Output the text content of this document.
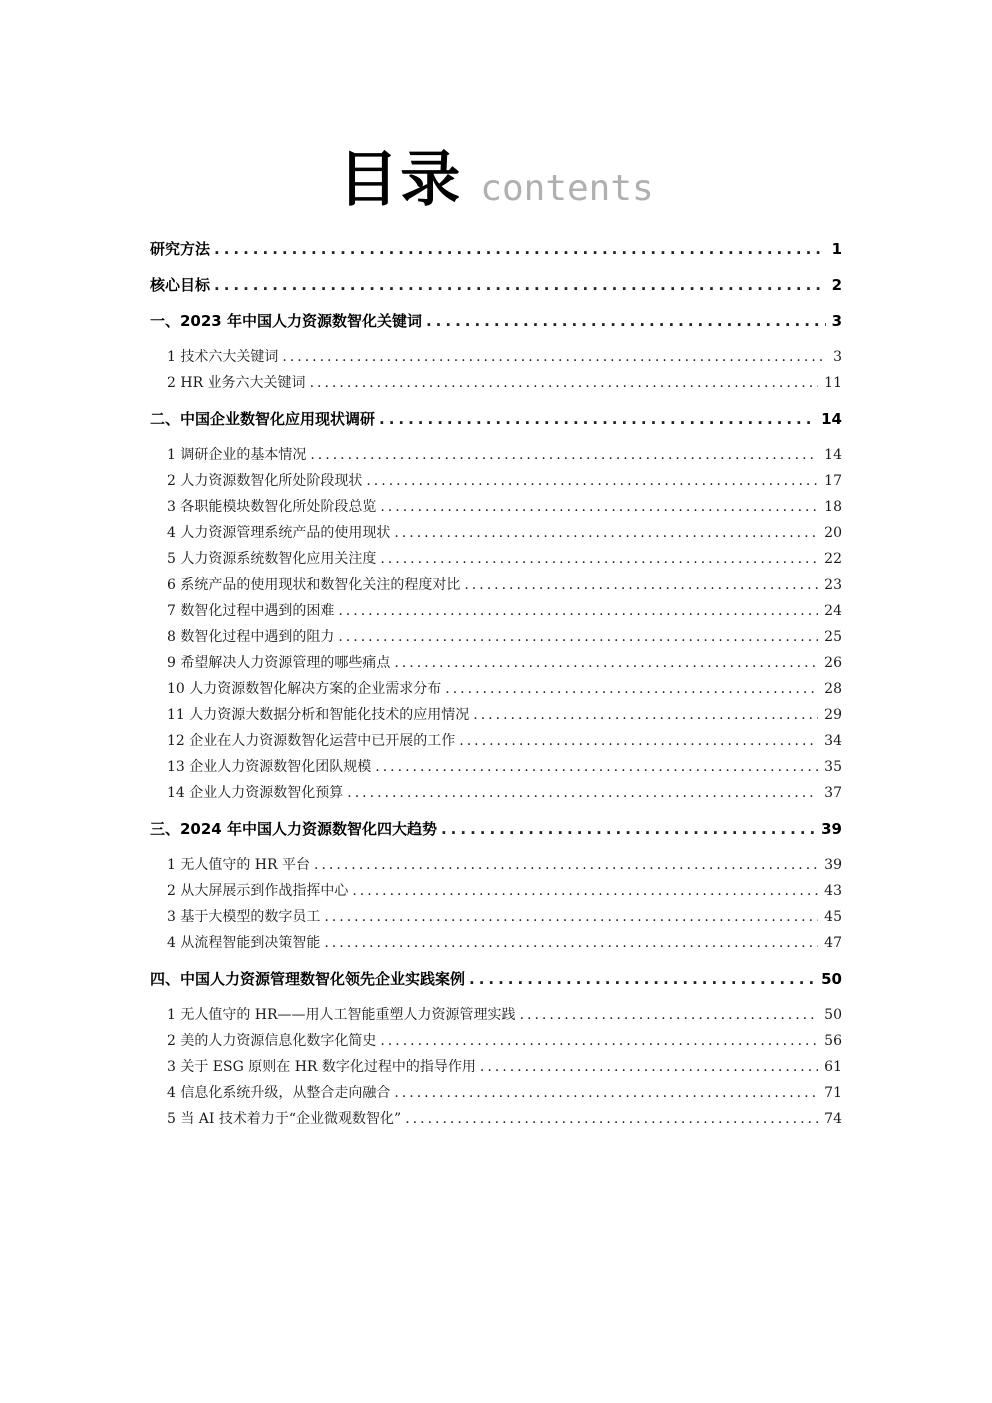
目录 contents
研究方法 .....	1
核心目标 .....	2
一、2023 年中国人力资源数智化关键词 .....	3
1 技术六大关键词 .....	3
2 HR 业务六大关键词 .....	11
二、中国企业数智化应用现状调研 .....	14
1 调研企业的基本情况 .....	14
2 人力资源数智化所处阶段现状 .....	17
3 各职能模块数智化所处阶段总览 .....	18
4 人力资源管理系统产品的使用现状 .....	20
5 人力资源系统数智化应用关注度 .....	22
6 系统产品的使用现状和数智化关注的程度对比 .....	23
7 数智化过程中遇到的困难 .....	24
8 数智化过程中遇到的阻力 .....	25
9 希望解决人力资源管理的哪些痛点 .....	26
10 人力资源数智化解决方案的企业需求分布 .....	28
11 人力资源大数据分析和智能化技术的应用情况 .....	29
12 企业在人力资源数智化运营中已开展的工作 .....	34
13 企业人力资源数智化团队规模 .....	35
14 企业人力资源数智化预算 .....	37
三、2024 年中国人力资源数智化四大趋势 .....	39
1 无人值守的 HR 平台 .....	39
2 从大屏展示到作战指挥中心 .....	43
3 基于大模型的数字员工 .....	45
4 从流程智能到决策智能 .....	47
四、中国人力资源管理数智化领先企业实践案例 .....	50
1 无人值守的 HR——用人工智能重塑人力资源管理实践 .....	50
2 美的人力资源信息化数字化简史 .....	56
3 关于 ESG 原则在 HR 数字化过程中的指导作用 .....	61
4 信息化系统升级，从整合走向融合 .....	71
5 当 AI 技术着力于“企业微观数智化” .....	74
